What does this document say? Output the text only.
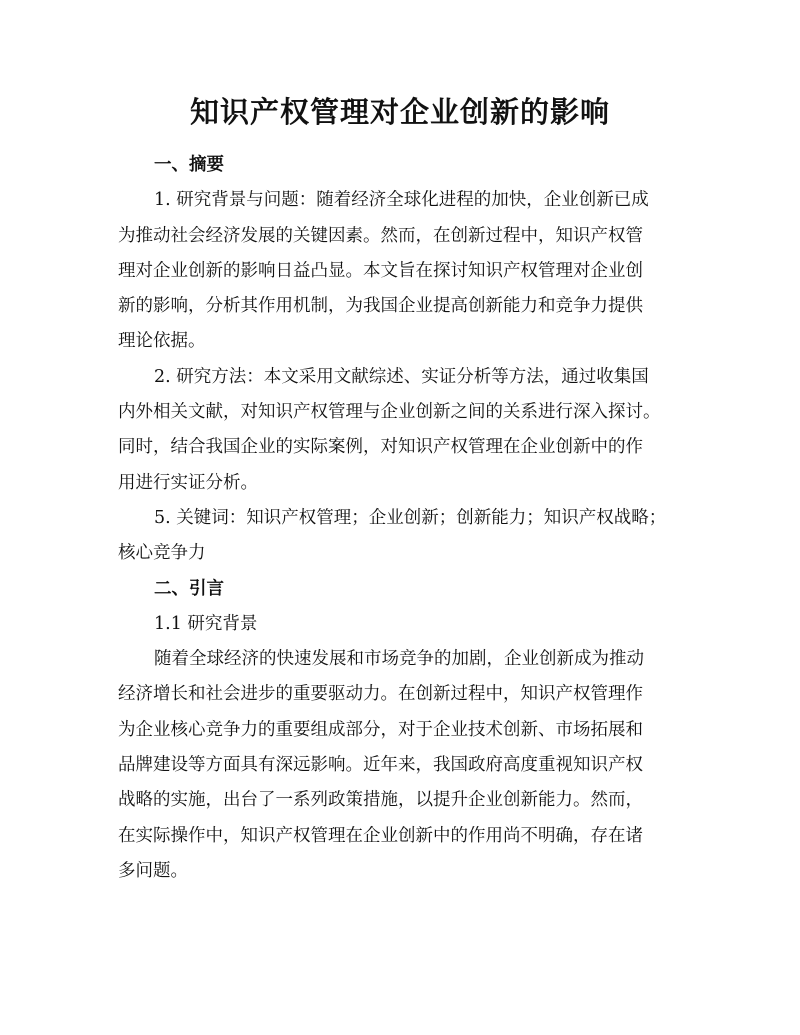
知识产权管理对企业创新的影响

一、摘要

1. 研究背景与问题：随着经济全球化进程的加快，企业创新已成

为推动社会经济发展的关键因素。然而，在创新过程中，知识产权管

理对企业创新的影响日益凸显。本文旨在探讨知识产权管理对企业创

新的影响，分析其作用机制，为我国企业提高创新能力和竞争力提供

理论依据。

2. 研究方法：本文采用文献综述、实证分析等方法，通过收集国

内外相关文献，对知识产权管理与企业创新之间的关系进行深入探讨。

同时，结合我国企业的实际案例，对知识产权管理在企业创新中的作

用进行实证分析。

5. 关键词：知识产权管理；企业创新；创新能力；知识产权战略；

核心竞争力

二、引言

1.1 研究背景

随着全球经济的快速发展和市场竞争的加剧，企业创新成为推动

经济增长和社会进步的重要驱动力。在创新过程中，知识产权管理作

为企业核心竞争力的重要组成部分，对于企业技术创新、市场拓展和

品牌建设等方面具有深远影响。近年来，我国政府高度重视知识产权

战略的实施，出台了一系列政策措施，以提升企业创新能力。然而，

在实际操作中，知识产权管理在企业创新中的作用尚不明确，存在诸

多问题。
